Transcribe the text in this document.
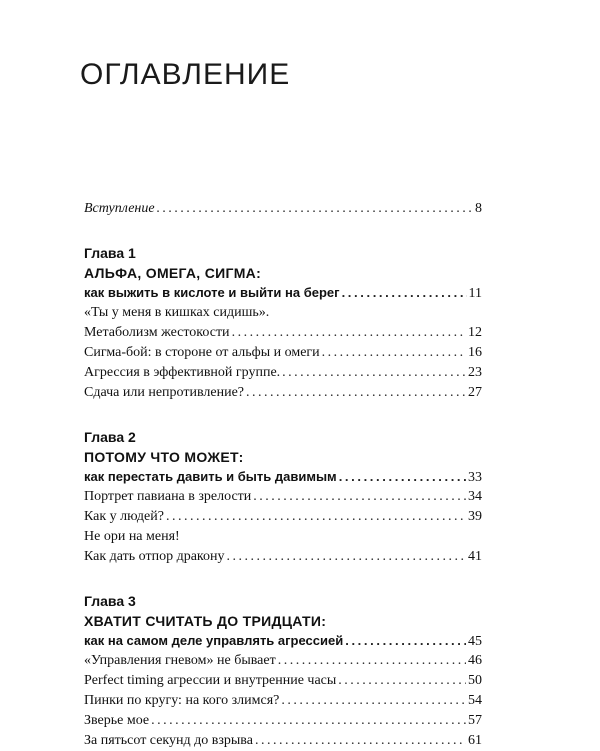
ОГЛАВЛЕНИЕ
Вступление . . .	8
Глава 1
АЛЬФА, ОМЕГА, СИГМА:
как выжить в кислоте и выйти на берег . . .	11
«Ты у меня в кишках сидишь».
Метаболизм жестокости . . .	12
Сигма-бой: в стороне от альфы и омеги . . .	16
Агрессия в эффективной группе. . . .	23
Сдача или непротивление? . . .	27
Глава 2
ПОТОМУ ЧТО МОЖЕТ:
как перестать давить и быть давимым . . .	33
Портрет павиана в зрелости . . .	34
Как у людей? . . .	39
Не ори на меня!
Как дать отпор дракону . . .	41
Глава 3
ХВАТИТ СЧИТАТЬ ДО ТРИДЦАТИ:
как на самом деле управлять агрессией . . .	45
«Управления гневом» не бывает . . .	46
Perfect timing агрессии и внутренние часы . . .	50
Пинки по кругу: на кого злимся? . . .	54
Зверье мое . . .	57
За пятьсот секунд до взрыва . . .	61
